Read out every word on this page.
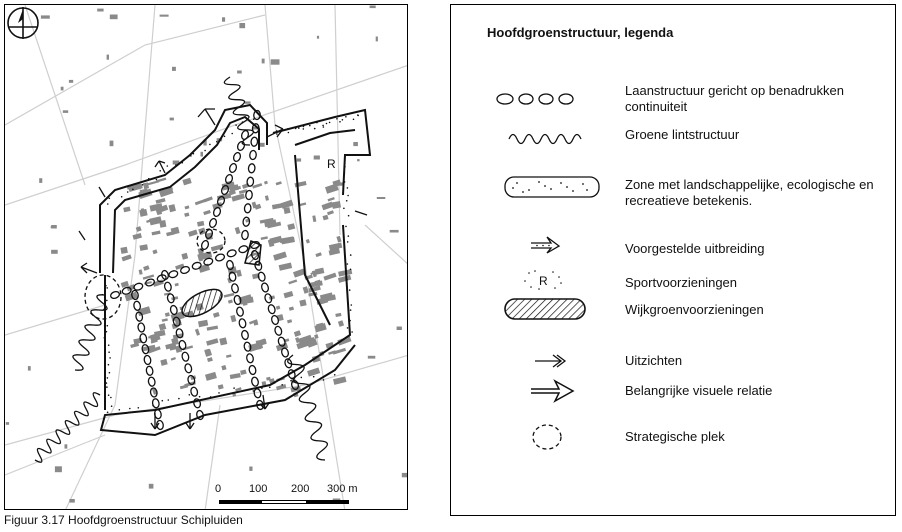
R
0	100 200 300 m
Figuur 3.17 Hoofdgroenstructuur Schipluiden
Hoofdgroenstructuur, legenda
Laanstructuur gericht op benadrukken continuiteit
Groene lintstructuur
Zone met landschappelijke, ecologische en recreatieve betekenis.
Voorgestelde uitbreiding
R	Sportvoorzieningen
Wijkgroenvoorzieningen
Uitzichten
Belangrijke visuele relatie
Strategische plek
